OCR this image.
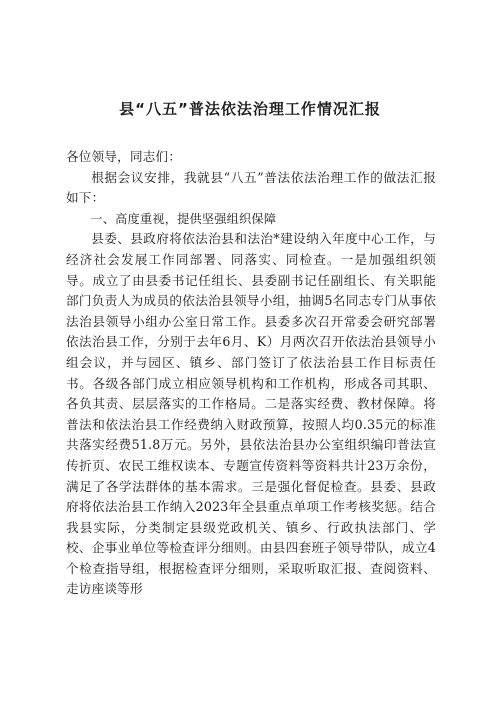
县“八五”普法依法治理工作情况汇报

各位领导，同志们：

根据会议安排，我就县“八五”普法依法治理工作的做法汇报如下：

一、高度重视，提供坚强组织保障

县委、县政府将依法治县和法治*建设纳入年度中心工作，与经济社会发展工作同部署、同落实、同检查。一是加强组织领导。成立了由县委书记任组长、县委副书记任副组长、有关职能部门负责人为成员的依法治县领导小组，抽调5名同志专门从事依法治县领导小组办公室日常工作。县委多次召开常委会研究部署依法治县工作，分别于去年6月、K）月两次召开依法治县领导小组会议，并与园区、镇乡、部门签订了依法治县工作目标责任书。各级各部门成立相应领导机构和工作机构，形成各司其职、各负其责、层层落实的工作格局。二是落实经费、教材保障。将普法和依法治县工作经费纳入财政预算，按照人均0.35元的标准共落实经费51.8万元。另外，县依法治县办公室组织编印普法宣传折页、农民工维权读本、专题宣传资料等资料共计23万余份，满足了各学法群体的基本需求。三是强化督促检查。县委、县政府将依法治县工作纳入2023年全县重点单项工作考核奖惩。结合我县实际，分类制定县级党政机关、镇乡、行政执法部门、学校、企事业单位等检查评分细则。由县四套班子领导带队，成立4个检查指导组，根据检查评分细则，采取听取汇报、查阅资料、走访座谈等形
